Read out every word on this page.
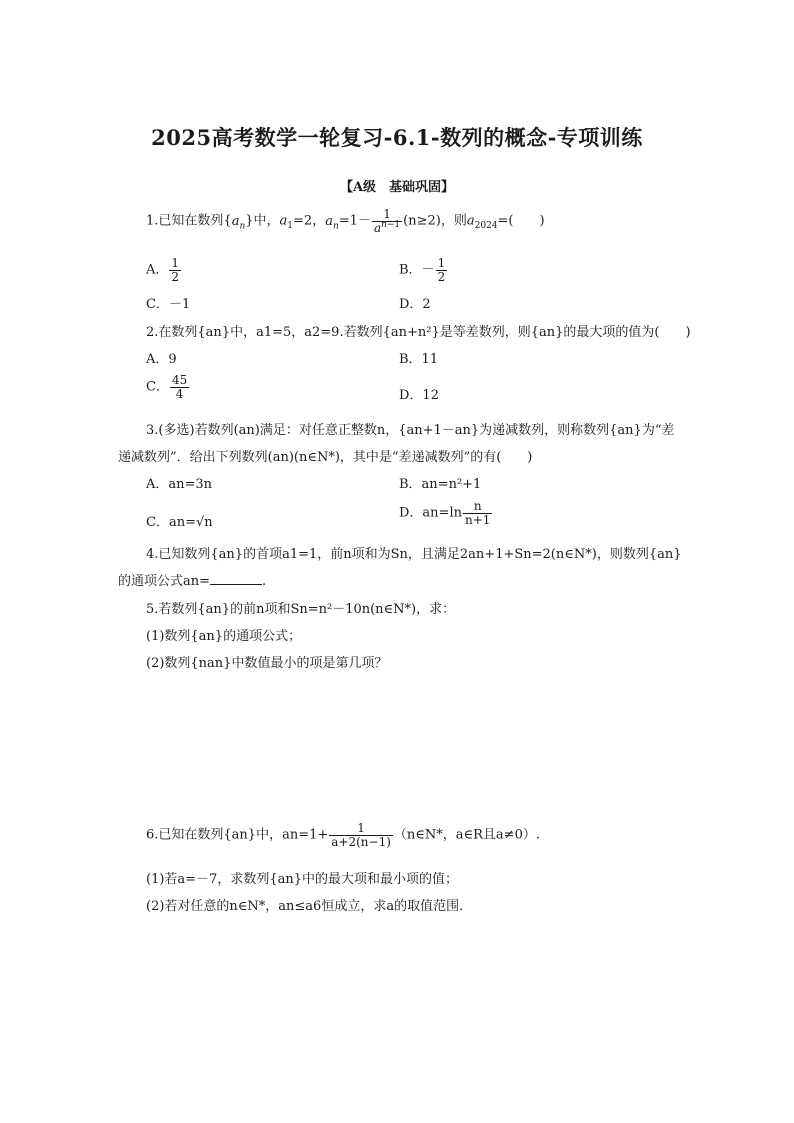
2025高考数学一轮复习-6.1-数列的概念-专项训练
【A级　基础巩固】
1.已知在数列$\{a_n\}$中，$a_1=2$，$a_n=1- \frac{1}{a^{n-1}} (n\ge 2)$，则$a_{2024}=$(　　)
A． $\frac{1}{2}$	B．－ $\frac{1}{2}$
C．－1	D．2
2.在数列{an}中，a1=5，a2=9.若数列{an+n²}是等差数列，则{an}的最大项的值为(　　)
A．9	B．11
C． $\frac{45}{4}$	D．12
3.(多选)若数列(an)满足：对任意正整数n，{an+1－an}为递减数列，则称数列{an}为“差
递减数列”．给出下列数列(an)(n∈N*)，其中是“差递减数列”的有(　　)
A．an=3n	B．an=n²+1
C．an=√n
D．$an=\ln \frac{n}{n+1}$
4.已知数列{an}的首项a1=1，前n项和为Sn，且满足2an+1+Sn=2(n∈N*)，则数列{an}
的通项公式an=	.
5.若数列{an}的前n项和Sn=n²－10n(n∈N*)，求：
(1)数列{an}的通项公式；
(2)数列{nan}中数值最小的项是第几项？
6.已知在数列{an}中，$an=1+ \frac{1}{a+2(n-1)}$ （n∈N*，a∈R且a≠0）.
(1)若a=－7，求数列{an}中的最大项和最小项的值；
(2)若对任意的n∈N*，an≤a6恒成立，求a的取值范围．
